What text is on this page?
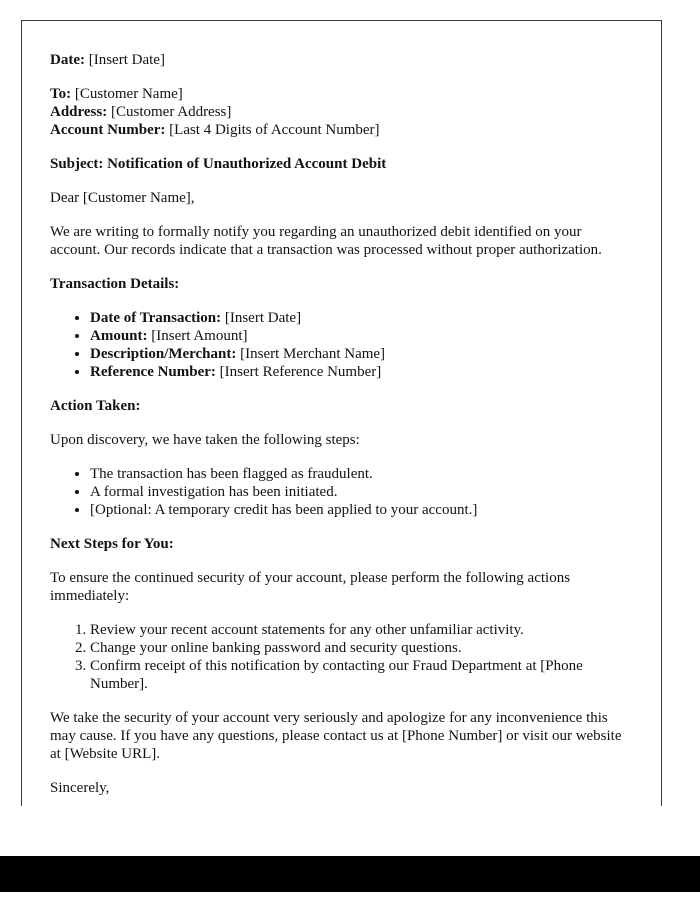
Date: [Insert Date]
To: [Customer Name]
Address: [Customer Address]
Account Number: [Last 4 Digits of Account Number]
Subject: Notification of Unauthorized Account Debit
Dear [Customer Name],
We are writing to formally notify you regarding an unauthorized debit identified on your account. Our records indicate that a transaction was processed without proper authorization.
Transaction Details:
• Date of Transaction: [Insert Date]
• Amount: [Insert Amount]
• Description/Merchant: [Insert Merchant Name]
• Reference Number: [Insert Reference Number]
Action Taken:
Upon discovery, we have taken the following steps:
• The transaction has been flagged as fraudulent.
• A formal investigation has been initiated.
• [Optional: A temporary credit has been applied to your account.]
Next Steps for You:
To ensure the continued security of your account, please perform the following actions immediately:
1. Review your recent account statements for any other unfamiliar activity.
2. Change your online banking password and security questions.
3. Confirm receipt of this notification by contacting our Fraud Department at [Phone Number].
We take the security of your account very seriously and apologize for any inconvenience this may cause. If you have any questions, please contact us at [Phone Number] or visit our website at [Website URL].
Sincerely,
